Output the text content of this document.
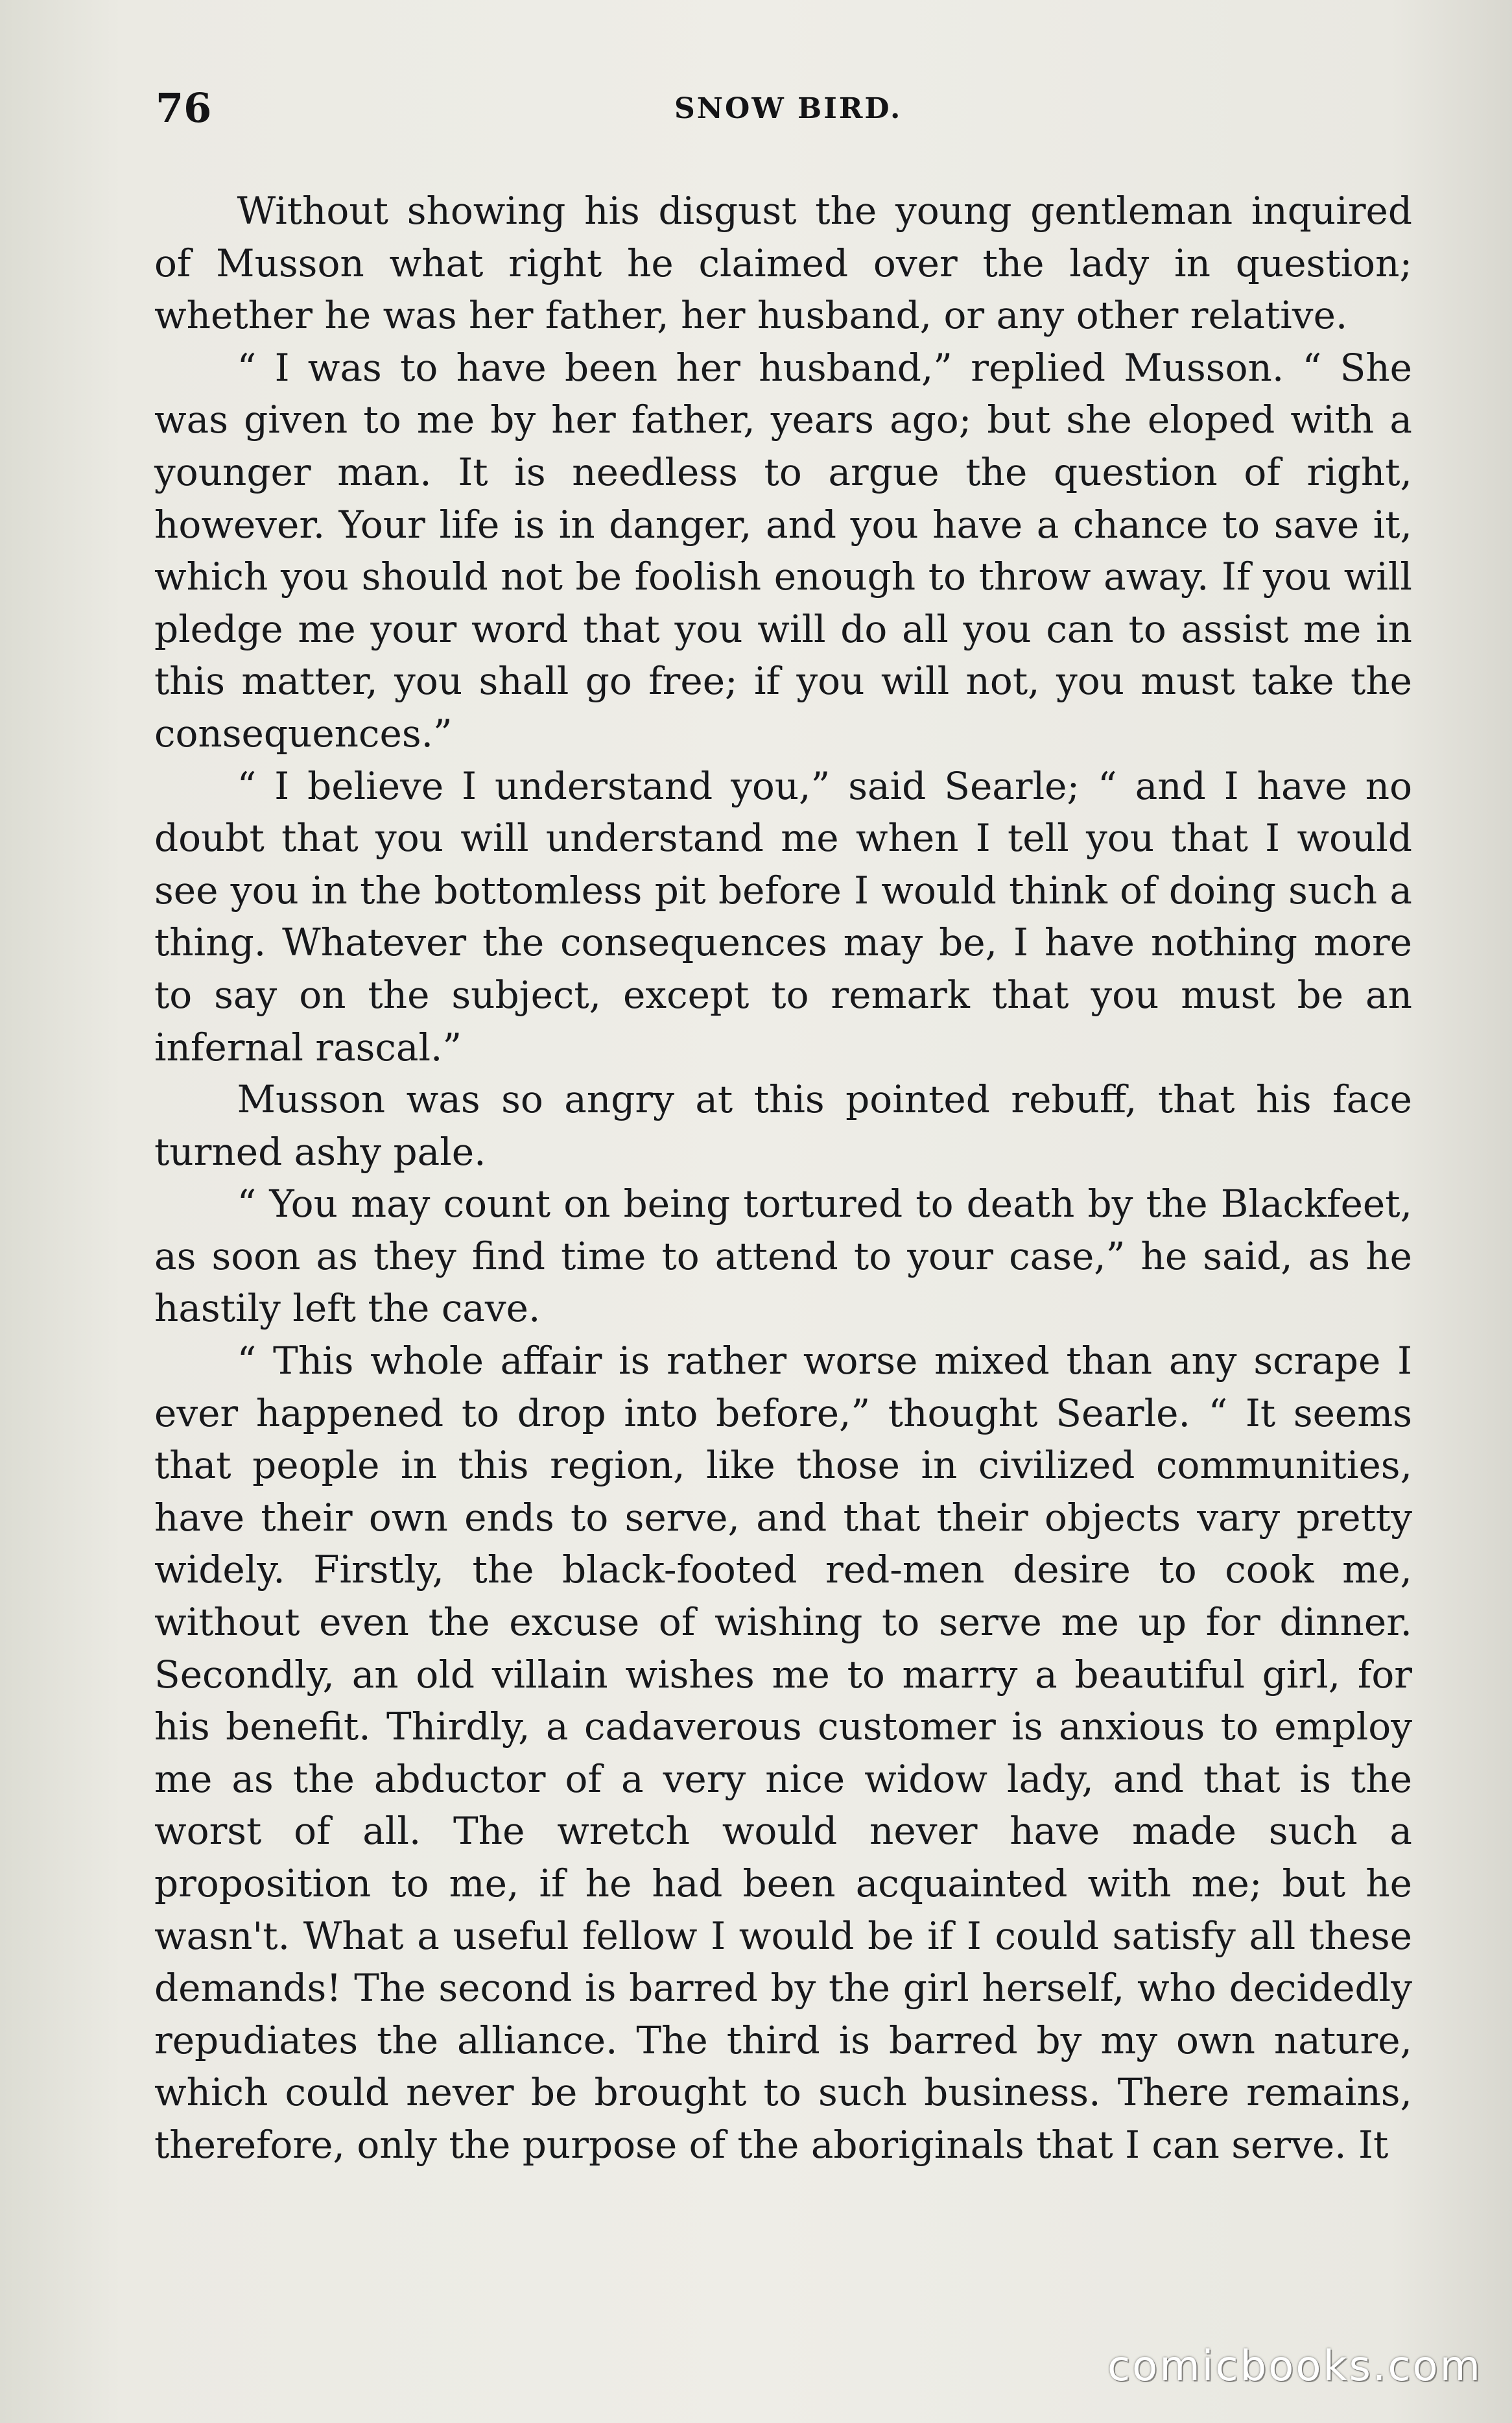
76	SNOW BIRD.

Without showing his disgust the young gentleman inquired of Musson what right he claimed over the lady in question; whether he was her father, her husband, or any other relative.

“ I was to have been her husband,” replied Musson. “ She was given to me by her father, years ago; but she eloped with a younger man. It is needless to argue the question of right, however. Your life is in danger, and you have a chance to save it, which you should not be foolish enough to throw away. If you will pledge me your word that you will do all you can to assist me in this matter, you shall go free; if you will not, you must take the consequences.”

“ I believe I understand you,” said Searle; “ and I have no doubt that you will understand me when I tell you that I would see you in the bottomless pit before I would think of doing such a thing. Whatever the consequences may be, I have nothing more to say on the subject, except to remark that you must be an infernal rascal.”

Musson was so angry at this pointed rebuff, that his face turned ashy pale.

“ You may count on being tortured to death by the Blackfeet, as soon as they find time to attend to your case,” he said, as he hastily left the cave.

“ This whole affair is rather worse mixed than any scrape I ever happened to drop into before,” thought Searle. “ It seems that people in this region, like those in civilized communities, have their own ends to serve, and that their objects vary pretty widely. Firstly, the black-footed red-men desire to cook me, without even the excuse of wishing to serve me up for dinner. Secondly, an old villain wishes me to marry a beautiful girl, for his benefit. Thirdly, a cadaverous customer is anxious to employ me as the abductor of a very nice widow lady, and that is the worst of all. The wretch would never have made such a proposition to me, if he had been acquainted with me; but he wasn't. What a useful fellow I would be if I could satisfy all these demands! The second is barred by the girl herself, who decidedly repudiates the alliance. The third is barred by my own nature, which could never be brought to such business. There remains, therefore, only the purpose of the aboriginals that I can serve. It

comicbooks.com
